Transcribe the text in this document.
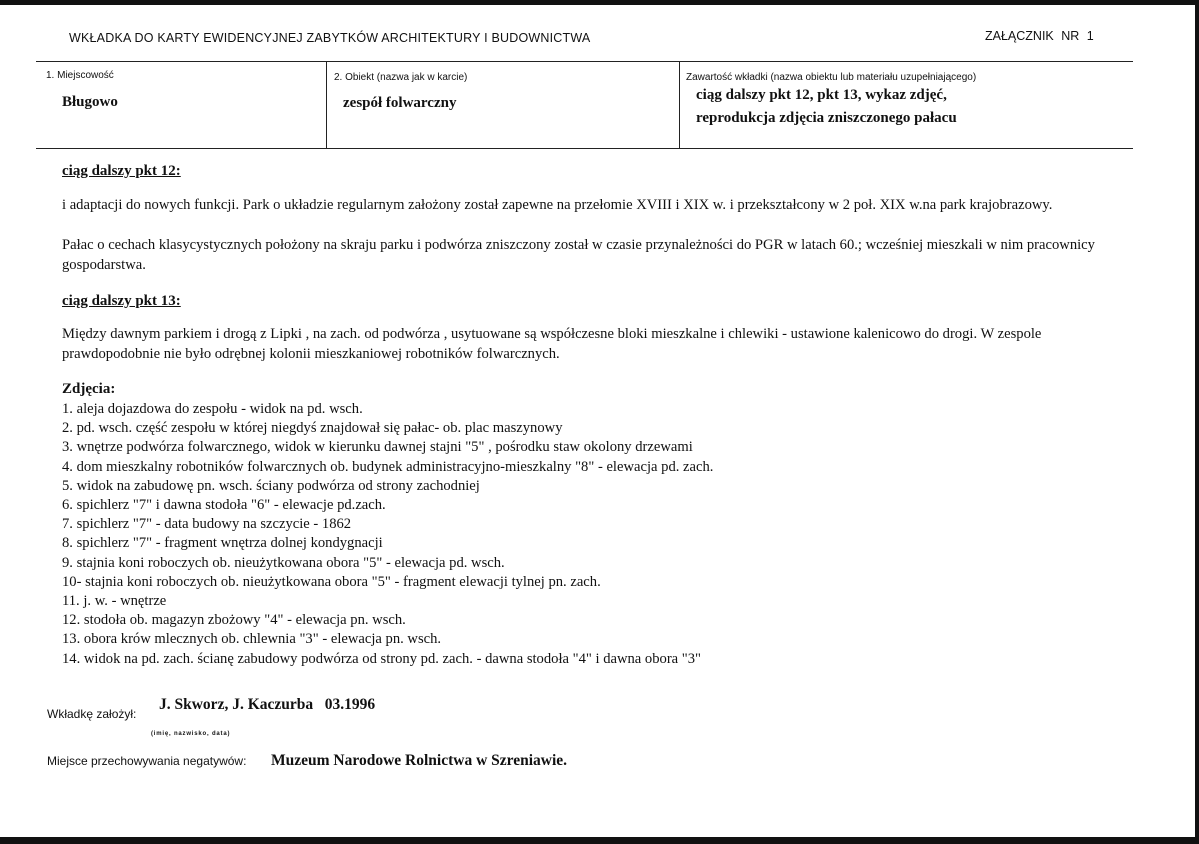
WKŁADKA DO KARTY EWIDENCYJNEJ ZABYTKÓW ARCHITEKTURY I BUDOWNICTWA	ZAŁĄCZNIK NR 1
1. Miejscowość
Bługowo
2. Obiekt (nazwa jak w karcie)
zespół folwarczny
Zawartość wkładki (nazwa obiektu lub materiału uzupełniającego)
ciąg dalszy pkt 12, pkt 13, wykaz zdjęć,
reprodukcja zdjęcia zniszczonego pałacu
ciąg dalszy pkt 12:
i adaptacji do nowych funkcji. Park o układzie regularnym założony został zapewne na przełomie XVIII i XIX w. i przekształcony w 2 poł. XIX w.na park krajobrazowy.
Pałac o cechach klasycystycznych położony na skraju parku i podwórza zniszczony został w czasie przynależności do PGR w latach 60.; wcześniej mieszkali w nim pracownicy gospodarstwa.
ciąg dalszy pkt 13:
Między dawnym parkiem i drogą z Lipki , na zach. od podwórza , usytuowane są współczesne bloki mieszkalne i chlewiki - ustawione kalenicowo do drogi. W zespole prawdopodobnie nie było odrębnej kolonii mieszkaniowej robotników folwarcznych.
Zdjęcia:
1. aleja dojazdowa do zespołu - widok na pd. wsch.
2. pd. wsch. część zespołu w której niegdyś znajdował się pałac- ob. plac maszynowy
3. wnętrze podwórza folwarcznego, widok w kierunku dawnej stajni "5" , pośrodku staw okolony drzewami
4. dom mieszkalny robotników folwarcznych ob. budynek administracyjno-mieszkalny "8" - elewacja pd. zach.
5. widok na zabudowę pn. wsch. ściany podwórza od strony zachodniej
6. spichlerz "7" i dawna stodoła "6" - elewacje pd.zach.
7. spichlerz "7" - data budowy na szczycie - 1862
8. spichlerz "7" - fragment wnętrza dolnej kondygnacji
9. stajnia koni roboczych ob. nieużytkowana obora "5" - elewacja pd. wsch.
10- stajnia koni roboczych ob. nieużytkowana obora "5" - fragment elewacji tylnej pn. zach.
11. j. w. - wnętrze
12. stodoła ob. magazyn zbożowy "4" - elewacja pn. wsch.
13. obora krów mlecznych ob. chlewnia "3" - elewacja pn. wsch.
14. widok na pd. zach. ścianę zabudowy podwórza od strony pd. zach. - dawna stodoła "4" i dawna obora "3"
Wkładkę założył:
J. Skworz, J. Kaczurba   03.1996
(imię, nazwisko, data)
Miejsce przechowywania negatywów: Muzeum Narodowe Rolnictwa w Szreniawie.
